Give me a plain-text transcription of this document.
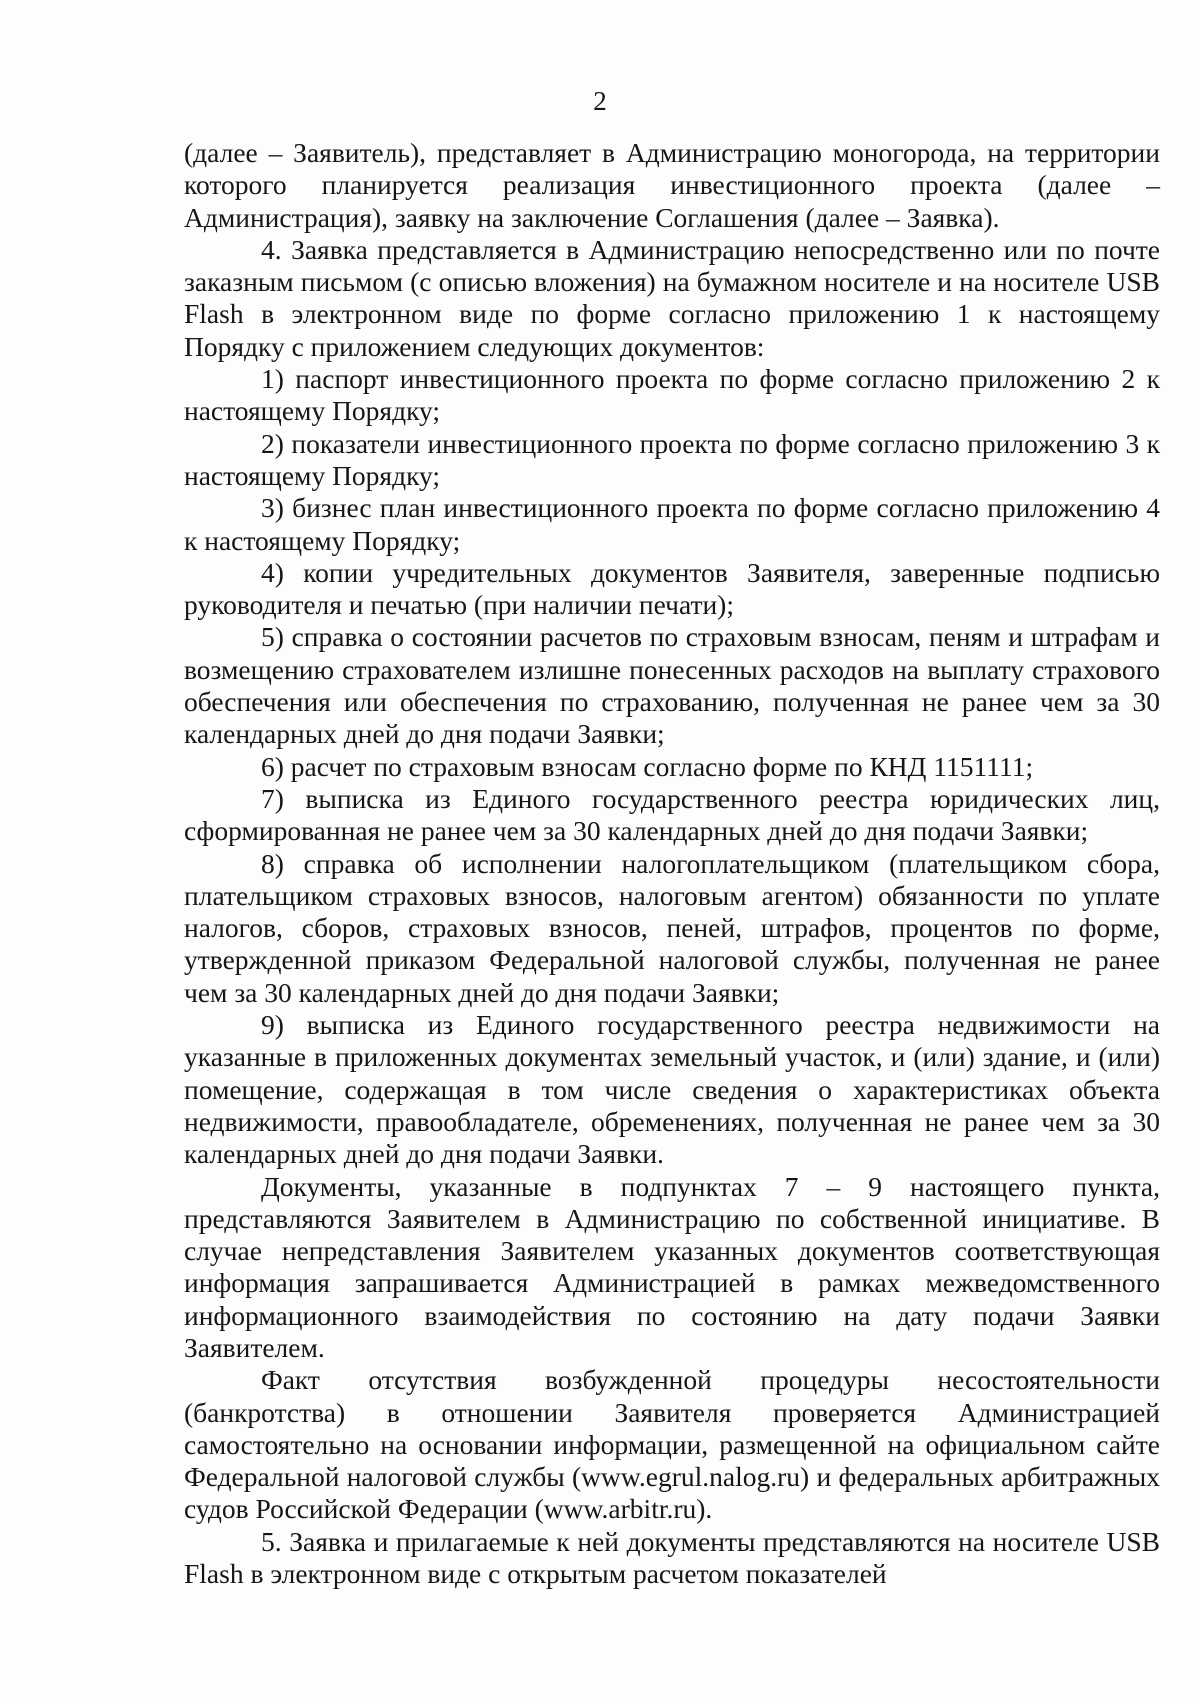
2

(далее – Заявитель), представляет в Администрацию моногорода, на территории которого планируется реализация инвестиционного проекта (далее – Администрация), заявку на заключение Соглашения (далее – Заявка).

4. Заявка представляется в Администрацию непосредственно или по почте заказным письмом (с описью вложения) на бумажном носителе и на носителе USB Flash в электронном виде по форме согласно приложению 1 к настоящему Порядку с приложением следующих документов:

1) паспорт инвестиционного проекта по форме согласно приложению 2 к настоящему Порядку;

2) показатели инвестиционного проекта по форме согласно приложению 3 к настоящему Порядку;

3) бизнес план инвестиционного проекта по форме согласно приложению 4 к настоящему Порядку;

4) копии учредительных документов Заявителя, заверенные подписью руководителя и печатью (при наличии печати);

5) справка о состоянии расчетов по страховым взносам, пеням и штрафам и возмещению страхователем излишне понесенных расходов на выплату страхового обеспечения или обеспечения по страхованию, полученная не ранее чем за 30 календарных дней до дня подачи Заявки;

6) расчет по страховым взносам согласно форме по КНД 1151111;

7) выписка из Единого государственного реестра юридических лиц, сформированная не ранее чем за 30 календарных дней до дня подачи Заявки;

8) справка об исполнении налогоплательщиком (плательщиком сбора, плательщиком страховых взносов, налоговым агентом) обязанности по уплате налогов, сборов, страховых взносов, пеней, штрафов, процентов по форме, утвержденной приказом Федеральной налоговой службы, полученная не ранее чем за 30 календарных дней до дня подачи Заявки;

9) выписка из Единого государственного реестра недвижимости на указанные в приложенных документах земельный участок, и (или) здание, и (или) помещение, содержащая в том числе сведения о характеристиках объекта недвижимости, правообладателе, обременениях, полученная не ранее чем за 30 календарных дней до дня подачи Заявки.

Документы, указанные в подпунктах 7 – 9 настоящего пункта, представляются Заявителем в Администрацию по собственной инициативе. В случае непредставления Заявителем указанных документов соответствующая информация запрашивается Администрацией в рамках межведомственного информационного взаимодействия по состоянию на дату подачи Заявки Заявителем.

Факт отсутствия возбужденной процедуры несостоятельности (банкротства) в отношении Заявителя проверяется Администрацией самостоятельно на основании информации, размещенной на официальном сайте Федеральной налоговой службы (www.egrul.nalog.ru) и федеральных арбитражных судов Российской Федерации (www.arbitr.ru).

5. Заявка и прилагаемые к ней документы представляются на носителе USB Flash в электронном виде с открытым расчетом показателей
